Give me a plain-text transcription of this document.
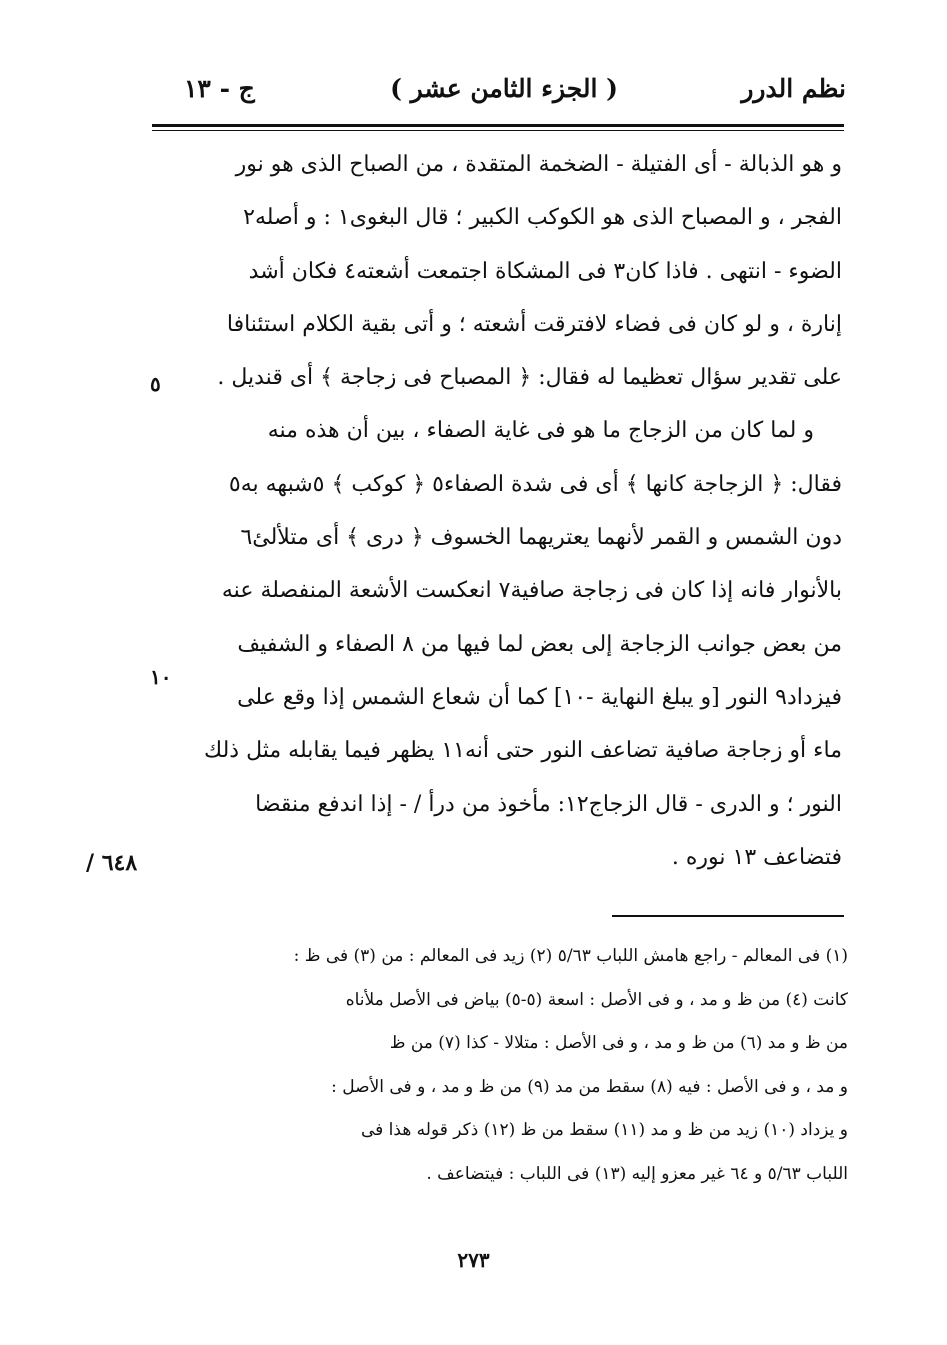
نظم الدرر
( الجزء الثامن عشر )
ج - ١٣
و هو الذبالة - أى الفتيلة - الضخمة المتقدة ، من الصباح الذى هو نور
الفجر ، و المصباح الذى هو الكوكب الكبير ؛ قال البغوى١ : و أصله٢
الضوء - انتهى . فاذا كان٣ فى المشكاة اجتمعت أشعته٤ فكان أشد
إنارة ، و لو كان فى فضاء لافترقت أشعته ؛ و أتى بقية الكلام استئنافا
على تقدير سؤال تعظيما له فقال: ﴿ المصباح فى زجاجة ﴾ أى قنديل .
و لما كان من الزجاج ما هو فى غاية الصفاء ، بين أن هذه منه
فقال: ﴿ الزجاجة كانها ﴾ أى فى شدة الصفاء٥ ﴿ كوكب ﴾ ٥شبهه به٥
دون الشمس و القمر لأنهما يعتريهما الخسوف ﴿ درى ﴾ أى متلألئ٦
بالأنوار فانه إذا كان فى زجاجة صافية٧ انعكست الأشعة المنفصلة عنه
من بعض جوانب الزجاجة إلى بعض لما فيها من ٨ الصفاء و الشفيف
فيزداد٩ النور [و يبلغ النهاية -١٠] كما أن شعاع الشمس إذا وقع على
ماء أو زجاجة صافية تضاعف النور حتى أنه١١ يظهر فيما يقابله مثل ذلك
النور ؛ و الدرى - قال الزجاج١٢: مأخوذ من درأ / - إذا اندفع منقضا
فتضاعف ١٣ نوره .
٥
١٠
٦٤٨ /
(١) فى المعالم - راجع هامش اللباب ٥/٦٣ (٢) زيد فى المعالم : من (٣) فى ظ :
كانت (٤) من ظ و مد ، و فى الأصل : اسعة (٥-٥) بياض فى الأصل ملأناه
من ظ و مد (٦) من ظ و مد ، و فى الأصل : متلالا - كذا (٧) من ظ
و مد ، و فى الأصل : فيه (٨) سقط من مد (٩) من ظ و مد ، و فى الأصل :
و يزداد (١٠) زيد من ظ و مد (١١) سقط من ظ (١٢) ذكر قوله هذا فى
اللباب ٥/٦٣ و ٦٤ غير معزو إليه (١٣) فى اللباب : فيتضاعف .
٢٧٣
